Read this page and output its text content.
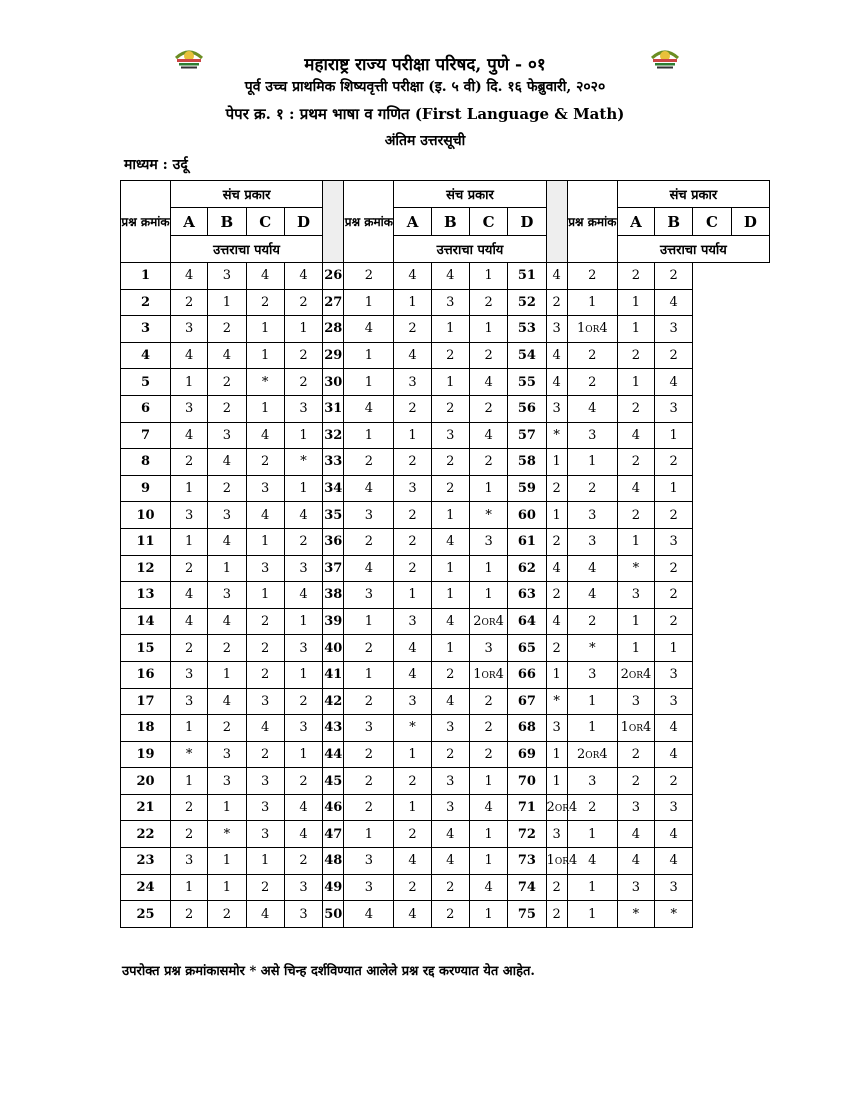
महाराष्ट्र राज्य परीक्षा परिषद, पुणे - ०१
पूर्व उच्च प्राथमिक शिष्यवृत्ती परीक्षा (इ. ५ वी) दि. १६ फेब्रुवारी, २०२०
पेपर क्र. १ : प्रथम भाषा व गणित (First Language & Math)
अंतिम उत्तरसूची
माध्यम : उर्दू
प्रश्न क्रमांक	संच प्रकार					प्रश्न क्रमांक	संच प्रकार					प्रश्न क्रमांक	संच प्रकार			
	A	B	C	D			A	B	C	D			A	B	C	D
	उत्तराचा पर्याय						उत्तराचा पर्याय						उत्तराचा पर्याय			
1	4	3	4	4	26	2	4	4	1	51	4	2	2	2		
2	2	1	2	2	27	1	1	3	2	52	2	1	1	4		
3	3	2	1	1	28	4	2	1	1	53	3	1OR4	1	3		
4	4	4	1	2	29	1	4	2	2	54	4	2	2	2		
5	1	2	*	2	30	1	3	1	4	55	4	2	1	4		
6	3	2	1	3	31	4	2	2	2	56	3	4	2	3		
7	4	3	4	1	32	1	1	3	4	57	*	3	4	1		
8	2	4	2	*	33	2	2	2	2	58	1	1	2	2		
9	1	2	3	1	34	4	3	2	1	59	2	2	4	1		
10	3	3	4	4	35	3	2	1	*	60	1	3	2	2		
11	1	4	1	2	36	2	2	4	3	61	2	3	1	3		
12	2	1	3	3	37	4	2	1	1	62	4	4	*	2		
13	4	3	1	4	38	3	1	1	1	63	2	4	3	2		
14	4	4	2	1	39	1	3	4	2OR4	64	4	2	1	2		
15	2	2	2	3	40	2	4	1	3	65	2	*	1	1		
16	3	1	2	1	41	1	4	2	1OR4	66	1	3	2OR4	3		
17	3	4	3	2	42	2	3	4	2	67	*	1	3	3		
18	1	2	4	3	43	3	*	3	2	68	3	1	1OR4	4		
19	*	3	2	1	44	2	1	2	2	69	1	2OR4	2	4		
20	1	3	3	2	45	2	2	3	1	70	1	3	2	2		
21	2	1	3	4	46	2	1	3	4	71	2OR4	2	3	3		
22	2	*	3	4	47	1	2	4	1	72	3	1	4	4		
23	3	1	1	2	48	3	4	4	1	73	1OR4	4	4	4		
24	1	1	2	3	49	3	2	2	4	74	2	1	3	3		
25	2	2	4	3	50	4	4	2	1	75	2	1	*	*		
उपरोक्त प्रश्न क्रमांकासमोर * असे चिन्ह दर्शविण्यात आलेले प्रश्न रद्द करण्यात येत आहेत.
